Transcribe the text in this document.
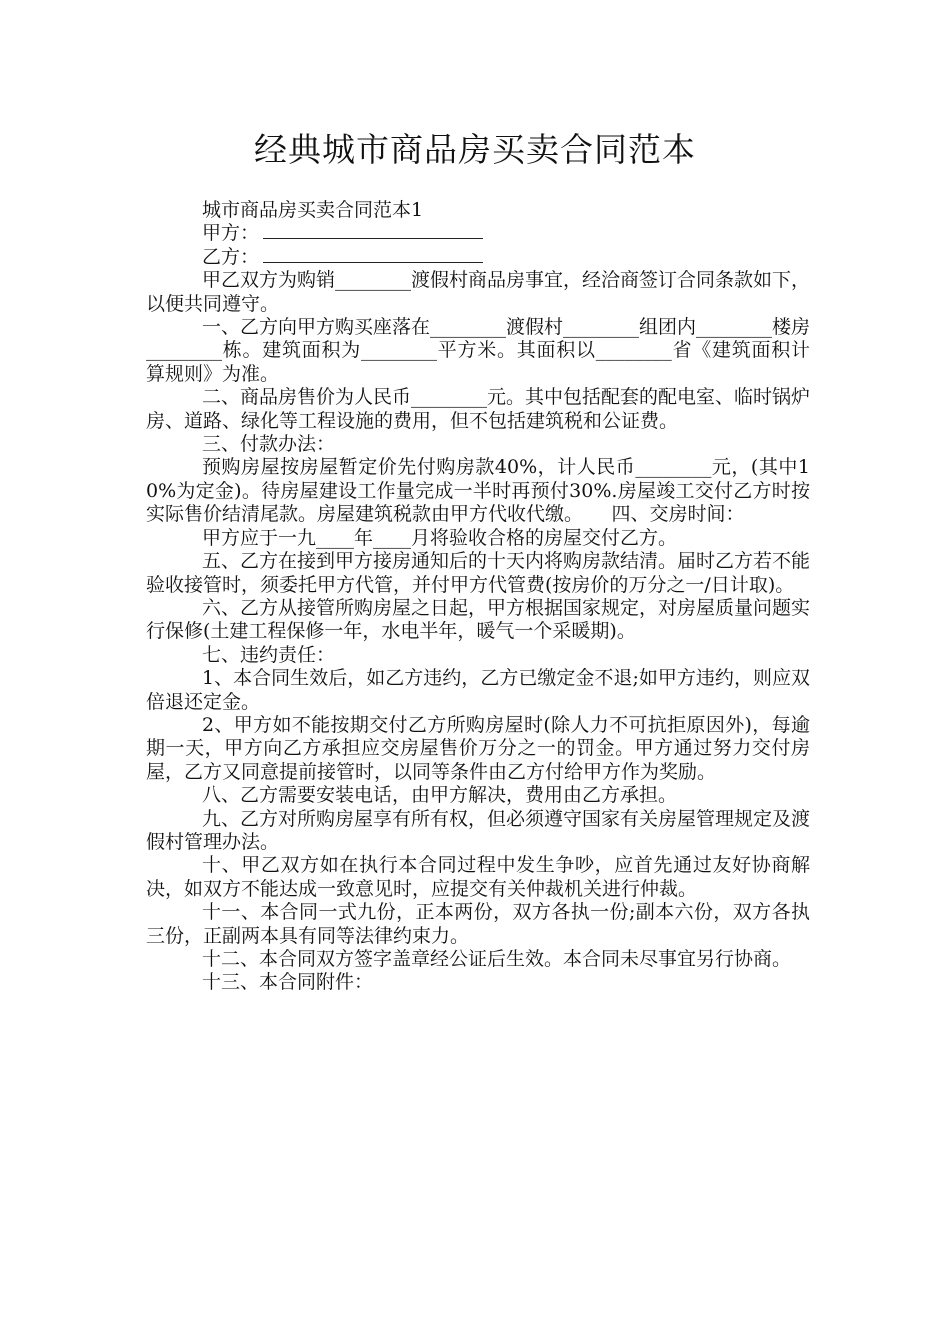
经典城市商品房买卖合同范本

城市商品房买卖合同范本1

甲方：

乙方：

甲乙双方为购销________渡假村商品房事宜，经洽商签订合同条款如下，以便共同遵守。

一、乙方向甲方购买座落在________渡假村________组团内________楼房________栋。建筑面积为________平方米。其面积以________省《建筑面积计算规则》为准。

二、商品房售价为人民币________元。其中包括配套的配电室、临时锅炉房、道路、绿化等工程设施的费用，但不包括建筑税和公证费。

三、付款办法：

预购房屋按房屋暂定价先付购房款40%，计人民币________元，(其中10%为定金)。待房屋建设工作量完成一半时再预付30%.房屋竣工交付乙方时按实际售价结清尾款。房屋建筑税款由甲方代收代缴。　　四、交房时间：

甲方应于一九____年____月将验收合格的房屋交付乙方。

五、乙方在接到甲方接房通知后的十天内将购房款结清。届时乙方若不能验收接管时，须委托甲方代管，并付甲方代管费(按房价的万分之一/日计取)。

六、乙方从接管所购房屋之日起，甲方根据国家规定，对房屋质量问题实行保修(土建工程保修一年，水电半年，暖气一个采暖期)。

七、违约责任：

1、本合同生效后，如乙方违约，乙方已缴定金不退;如甲方违约，则应双倍退还定金。

2、甲方如不能按期交付乙方所购房屋时(除人力不可抗拒原因外)，每逾期一天，甲方向乙方承担应交房屋售价万分之一的罚金。甲方通过努力交付房屋，乙方又同意提前接管时，以同等条件由乙方付给甲方作为奖励。

八、乙方需要安装电话，由甲方解决，费用由乙方承担。

九、乙方对所购房屋享有所有权，但必须遵守国家有关房屋管理规定及渡假村管理办法。

十、甲乙双方如在执行本合同过程中发生争吵，应首先通过友好协商解决，如双方不能达成一致意见时，应提交有关仲裁机关进行仲裁。

十一、本合同一式九份，正本两份，双方各执一份;副本六份，双方各执三份，正副两本具有同等法律约束力。

十二、本合同双方签字盖章经公证后生效。本合同未尽事宜另行协商。

十三、本合同附件：
